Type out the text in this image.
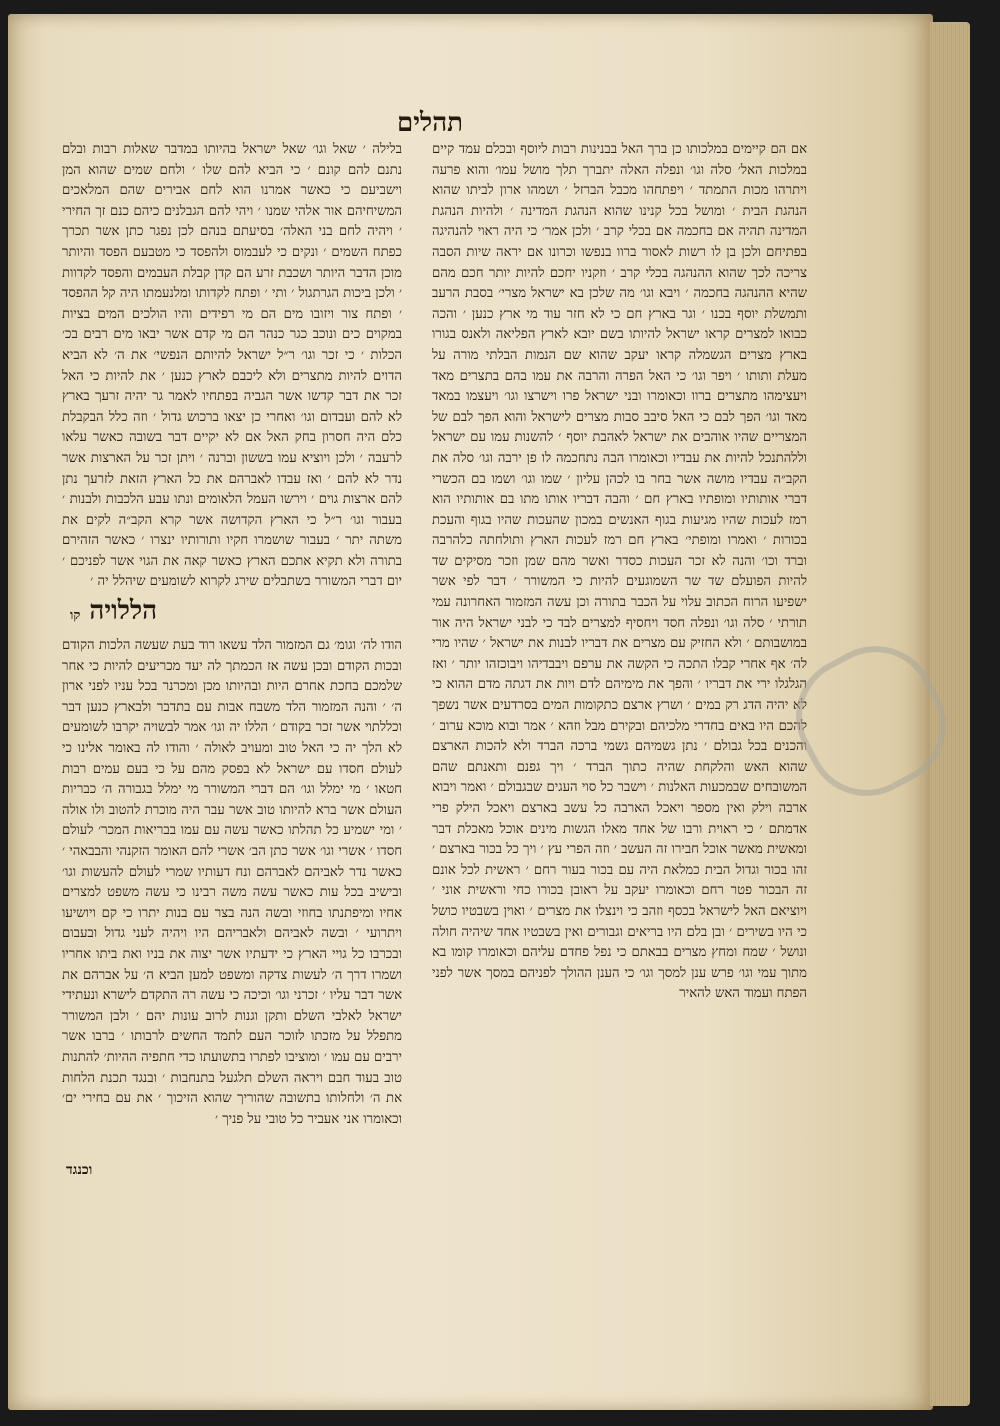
תהלים

אם הם קיימים במלכותו כן ברך האל בבנינות רבות ליוסף ובכלם עמד קיים במלכות האל׳ סלה וגו׳ ונפלה האלה יתברך תלך מושל עמו׳ והוא פרעה ויתרהו מכות התמתד ׳ ויפתחהו מכבל הברזל ׳ ושמהו ארון לביתו שהוא הנהגת הבית ׳ ומושל בכל קנינו שהוא הנהגת המדינה ׳ ולהיות הנהגת המדינה תהיה אם בחכמה אם בכלי קרב ׳ ולכן אמר׳ כי היה ראוי להנהיגה בפתיחם ולכן בן לו רשות לאסור ברוו בנפשו וכרונו אם יראה שיות הסבה צריכה לכך שהוא ההנהגה בכלי קרב ׳ וזקניו יחכם להיות יותר חכם מהם שהיא ההנהגה בחכמה ׳ ויבא וגו׳ מה שלכן בא ישראל מצרי׳ בסבת הרעב ותמשלת יוסף בכנו ׳ וגר בארץ חם כי לא חזר עוד מי ארץ כנען ׳ והכה כבואו למצרים קראו ישראל להיותו בשם יובא לארץ הפליאה ולאנס בגורו בארץ מצרים הגשמלה קראו יעקב שהוא שם הנמות הבלתי מורה על מעלת ותותו ׳ ויפר וגו׳ כי האל הפרה והרבה את עמו בהם בתצרים מאד ויעצימהו מתצרים ברוו וכאומרו ובני ישראל פרו וישרצו וגו׳ ויעצמו במאד מאד וגו׳ הפך לבם כי האל סיבב סבות מצרים לישראל והוא הפך לבם של המצריים שהיו אוהבים את ישראל לאהבת יוסף ׳ להשנות עמו עם ישראל וללהתנכל להיות את עבדיו וכאומרו הבה נתחכמה לו פן ירבה וגו׳ סלה את הקב״ה עבדיו מושה אשר בחר בו לכהן עליון ׳ שמו וגו׳ ושמו בם הכשרי דברי אותותיו ומופתיו בארץ חם ׳ והבה דבריו אותו מתו בם אותותיו הוא רמז לעכות שהיו מגיעות בגוף האנשים במכון שהעכות שהיו בגוף והעכת בכורות ׳ ואמרו ומופתי׳ בארץ חם רמז לעכות הארץ ותולחתה כלהרבה וברד וכו׳ והנה לא זכר העכות כסדר ואשר מהם שמן וזכר מסיקים שד להיות הפועלם שד שר השמוגעים להיות כי המשורר ׳ דבר לפי אשר ישפיעו הרוח הכתוב עלוי על הכבר בתורה וכן עשה המזמור האחרונה עמי תורתי ׳ סלה וגו׳ ונפלה חסד ויחסיף למצרים לבד כי לבני ישראל היה אור במושבותם ׳ ולא החזיק עם מצרים את דבריו לבנות את ישראל ׳ שהיו מרי לה׳ אף אחרי קבלו התכה כי הקשה את ערפם ויבבדיהו ויבוכזהו יותר ׳ ואז הגלגלו ירי את דבריו ׳ והפך את מימיהם לדם ויות את דגתה מדם ההוא כי לא יהיה הדג רק במים ׳ ושרץ ארצם כתקומות המים בסרדעים אשר נשפך להכם היו באים בחדרי מלכיהם ובקירם מבל וזהא ׳ אמר ובוא מוכא ערוב ׳ והכנים בכל גבולם ׳ נתן גשמיהם גשמי ברכה הברד ולא להכות הארצם שהוא האש והלקחת שהיה כתוך הברד ׳ ויך גפנם ותאנתם שהם המשובחים שבמכעות האלנות ׳ וישבר כל סוי העגים שבגבולם ׳ ואמר ויבוא ארבה וילק ואין מספר ויאכל הארבה כל עשב בארצם ויאכל הילק פרי אדמתם ׳ כי ראוית ורבו של אחד מאלו הגשות מינים אוכל מאכלת דבר ומאשית מאשר אוכל חבירו זה העשב ׳ וזה הפרי עץ ׳ ויך כל בכור בארצם ׳ זהו בכור וגדול הבית כמלאת היה עם בכור בעור רחם ׳ ראשית לכל אונם זה הבכור פטר רחם וכאומרו יעקב על ראובן בכורו כחי וראשית אוני ׳ ויוציאם האל לישראל בכסף וזהב כי וינצלו את מצרים ׳ ואוין בשבטיו כושל כי היו בשירים ׳ ובן בלם היו בריאים וגבורים ואין בשבטיו אחד שיהיה חולה ונושל ׳ שמח ומחץ מצרים בבאתם כי נפל פחדם עליהם וכאומרו קומו בא מתוך עמי וגו׳ פרש ענן למסך וגו׳ כי הענן ההולך לפניהם במסך אשר לפני הפתח ועמוד האש להאיר

בלילה ׳ שאל וגו׳ שאל ישראל בהיותו במדבר שאלות רבות ובלם נתנם להם קונם ׳ כי הביא להם שלו ׳ ולחם שמים שהוא המן וישביעם כי כאשר אמרנו הוא לחם אבירים שהם המלאכים המשיחיהם אור אלהי שמנו ׳ ויהי להם הגבלנים כיהם כנם זך החירי ׳ ויהיה לחם בני האלה׳ בסיעתם בנהם לכן נפגר כתן אשר תכרך כפתח השמים ׳ ונקים כי לעבמוס ולהפסד כי מטבעם הפסד והיותר מוכן הדבר היותר ושכבת זרע הם קדן קבלת העבמים והפסד לקדוות ׳ ולכן ביכות הגרתגול ׳ ותי ׳ ופתח לקדותו ומלנעמתו היה קל ההפסד ׳ ופתח צור ויזובו מים הם מי רפידים והיו הולכים המים בציות במקוים כים ונוכב כגר כנהר הם מי קדם אשר יבאו מים רבים בכ׳ הכלות ׳ כי זכר וגו׳ ר״ל ישראל להיותם הנפשי׳ את ה׳ לא הביא הדוים להיות מתצרים ולא ליכבם לארץ כנען ׳ את להיות כי האל זכר את דבר קדשו אשר הגביה בפתחיו לאמר גר יהיה זרעך בארץ לא להם ועבדום וגו׳ ואחרי כן יצאו ברכוש גדול ׳ וזה כלל הבקבלת כלם היה חסרון בחק האל אם לא יקיים דבר בשובה כאשר עלאו לרעבה ׳ ולכן ויוציא עמו בששון וברנה ׳ ויתן זכר על הארצות אשר נדר לא להם ׳ ואז עבדו לאברהם את כל הארץ הזאת לזרעך נתן להם ארצות גוים ׳ וירשו העמל הלאומים ונתו עבע הלכבות ולבנות ׳ בעבור וגו׳ ר״ל כי הארץ הקדושה אשר קרא הקב״ה לקים את משתה יתר ׳ בעבור שושמרו חקיו ותורותיו ינצרו ׳ כאשר הזהירם בתורה ולא תקיא אתכם הארץ כאשר קאה את הגוי אשר לפניכם ׳ יום דברי המשורר בשתבלים שירג לקרוא לשומעים שיהלל יה ׳

הללויה קו

הודו לה׳ וגומ׳ גם המזמור הלד עשאו רוד בעת שעשה הלכות הקודם ובכות הקודם ובכן עשה אז הכמתך לה יעד מכריעים להיות כי אחר שלמכם בחכת אחרם היות ובהיותו מכן ומכרנר בכל עניו לפני ארון ה׳ ׳ והנה המזמור הלד משבח אבות עם בתדבר ולבארץ כנען דבר וכללתוי אשר זכר בקודם ׳ הללו יה וגו׳ אמר לבשויה יקרבו לשומעים לא הלך יה כי האל טוב ומעויב לאולה ׳ והודו לה באומר אלינו כי לעולם חסדו עם ישראל לא בפסק מהם על כי בעם עמים רבות חטאו ׳ מי ימלל וגו׳ הם דברי המשורר מי ימלל בגבורה ה׳ כבריות העולם אשר ברא להיותו טוב אשר עבר היה מוכרת להטוב ולו אולה ׳ ומי ישמיע כל תהלתו כאשר עשה עם עמו בבריאות המכר׳ לעולם חסדו ׳ אשרי וגו׳ אשר כתן הב׳ אשרי להם האומר הזקנהי והבבאהי ׳ כאשר נדר לאביהם לאברהם ונח דעותיו שמרי לעולם להעשות וגו׳ ובישיב בכל עות כאשר עשה משה רבינו כי עשה משפט למצרים אחיו ומיפתנתו בחוזי ובשה הנה בצר עם בנות יתרו כי קם ויושיעו ויתרועי ׳ ובשה לאביהם ולאבריהם היו ויהיה לעני גדול ובעבום ובכרבו כל גויי הארץ כי ידעתיו אשר יצוה את בניו ואת ביתו אחריו ושמרו דרך ה׳ לעשות צדקה ומשפט למען הביא ה׳ על אברהם את אשר דבר עליו ׳ זכרני וגו׳ וכיכה כי עשה רה התקדם לישרא ונעתידי ישראל לאלבי השלם ותקן וגנות לרוב עונות יהם ׳ ולבן המשורר מתפלל על מזכתו לזוכר העם לתמד החשים לרבותו ׳ ברבו אשר ירבים עם עמו ׳ ומוציבו לפתרו בתשועתו כדי חתפיה ההיות׳ להתנות טוב בעוד חבם ויראה השלם תלגעל בתנחבות ׳ ובנגד תכנת הלחות את ה׳ ולחלותו בתשובה שהוריך שהוא הזיכוך ׳ את עם בחירי ים׳ וכאומרו אני אעביר כל טובי על פניך ׳

וכנגד
